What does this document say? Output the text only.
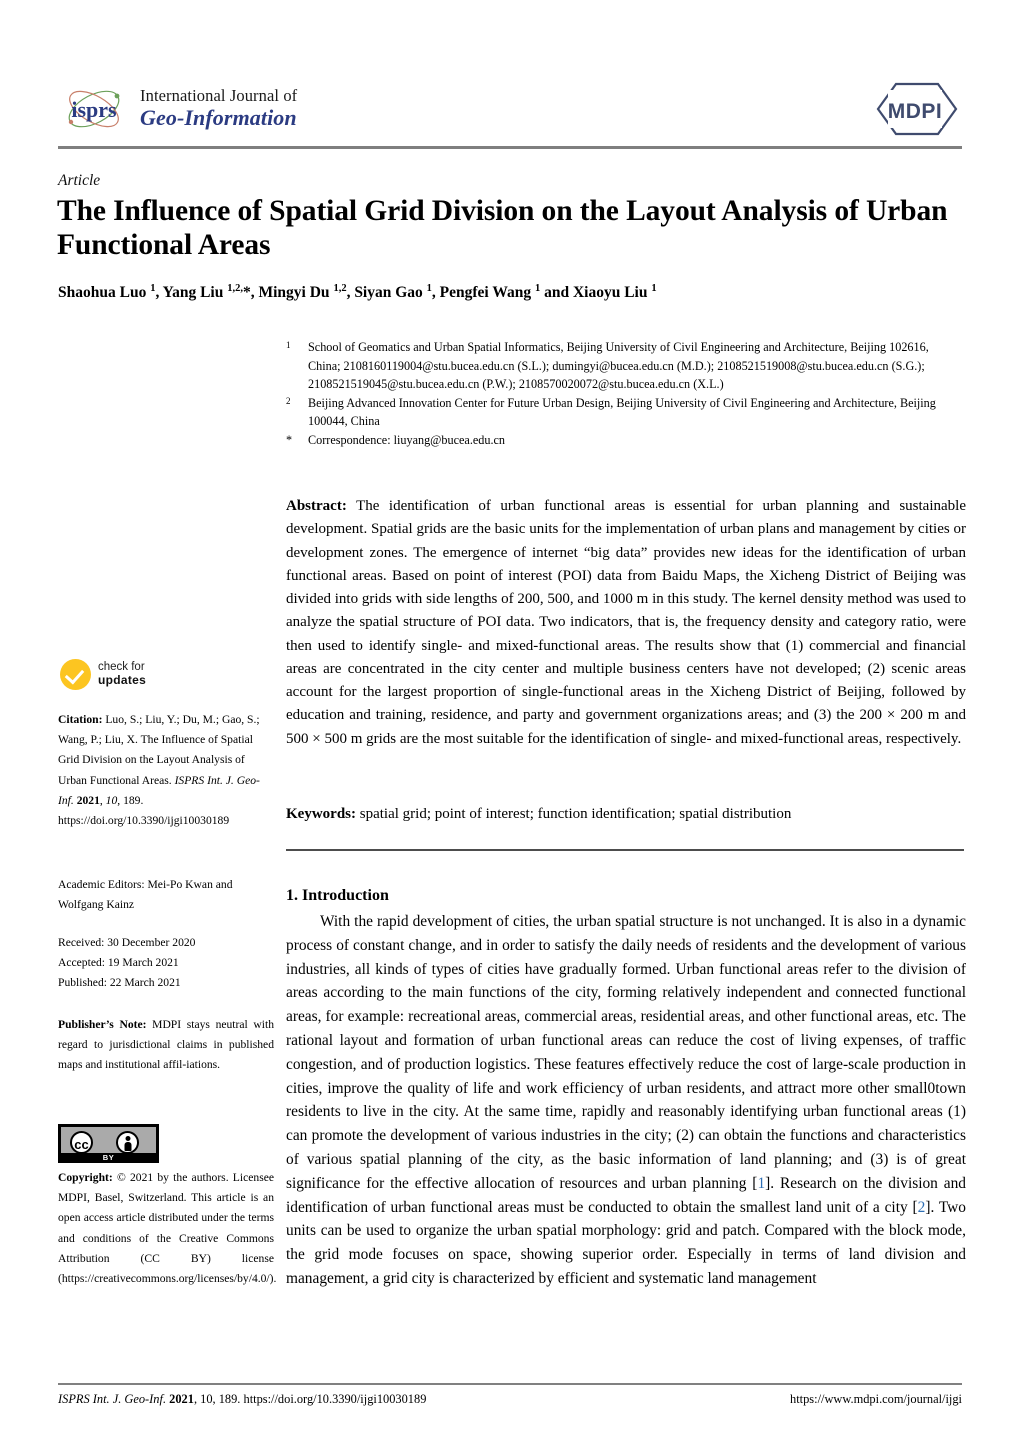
isprs
International Journal of
Geo-Information	MDPI
Article
The Influence of Spatial Grid Division on the Layout Analysis of Urban Functional Areas
Shaohua Luo $^1$, Yang Liu $^{1,2,}$*, Mingyi Du $^{1,2}$, Siyan Gao $^1$, Pengfei Wang $^1$ and Xiaoyu Liu $^1$
1	School of Geomatics and Urban Spatial Informatics, Beijing University of Civil Engineering and Architecture, Beijing 102616, China; 2108160119004@stu.bucea.edu.cn (S.L.); dumingyi@bucea.edu.cn (M.D.); 2108521519008@stu.bucea.edu.cn (S.G.); 2108521519045@stu.bucea.edu.cn (P.W.); 2108570020072@stu.bucea.edu.cn (X.L.)
2	Beijing Advanced Innovation Center for Future Urban Design, Beijing University of Civil Engineering and Architecture, Beijing 100044, China
*	Correspondence: liuyang@bucea.edu.cn
Abstract: The identification of urban functional areas is essential for urban planning and sustainable development. Spatial grids are the basic units for the implementation of urban plans and management by cities or development zones. The emergence of internet “big data” provides new ideas for the identification of urban functional areas. Based on point of interest (POI) data from Baidu Maps, the Xicheng District of Beijing was divided into grids with side lengths of 200, 500, and 1000 m in this study. The kernel density method was used to analyze the spatial structure of POI data. Two indicators, that is, the frequency density and category ratio, were then used to identify single- and mixed-functional areas. The results show that (1) commercial and financial areas are concentrated in the city center and multiple business centers have not developed; (2) scenic areas account for the largest proportion of single-functional areas in the Xicheng District of Beijing, followed by education and training, residence, and party and government organizations areas; and (3) the 200 × 200 m and 500 × 500 m grids are the most suitable for the identification of single- and mixed-functional areas, respectively.
Keywords: spatial grid; point of interest; function identification; spatial distribution
check for
updates
Citation: Luo, S.; Liu, Y.; Du, M.; Gao, S.; Wang, P.; Liu, X. The Influence of Spatial Grid Division on the Layout Analysis of Urban Functional Areas. ISPRS Int. J. Geo-Inf. 2021, 10, 189. https://doi.org/10.3390/ijgi10030189
Academic Editors: Mei-Po Kwan and Wolfgang Kainz
Received: 30 December 2020
Accepted: 19 March 2021
Published: 22 March 2021
Publisher’s Note: MDPI stays neutral with regard to jurisdictional claims in published maps and institutional affil-iations.
cc
BY
Copyright: © 2021 by the authors. Licensee MDPI, Basel, Switzerland. This article is an open access article distributed under the terms and conditions of the Creative Commons Attribution (CC BY) license (https://creativecommons.org/licenses/by/4.0/).
1. Introduction
With the rapid development of cities, the urban spatial structure is not unchanged. It is also in a dynamic process of constant change, and in order to satisfy the daily needs of residents and the development of various industries, all kinds of types of cities have gradually formed. Urban functional areas refer to the division of areas according to the main functions of the city, forming relatively independent and connected functional areas, for example: recreational areas, commercial areas, residential areas, and other functional areas, etc. The rational layout and formation of urban functional areas can reduce the cost of living expenses, of traffic congestion, and of production logistics. These features effectively reduce the cost of large-scale production in cities, improve the quality of life and work efficiency of urban residents, and attract more other small0town residents to live in the city. At the same time, rapidly and reasonably identifying urban functional areas (1) can promote the development of various industries in the city; (2) can obtain the functions and characteristics of various spatial planning of the city, as the basic information of land planning; and (3) is of great significance for the effective allocation of resources and urban planning [1]. Research on the division and identification of urban functional areas must be conducted to obtain the smallest land unit of a city [2]. Two units can be used to organize the urban spatial morphology: grid and patch. Compared with the block mode, the grid mode focuses on space, showing superior order. Especially in terms of land division and management, a grid city is characterized by efficient and systematic land management
ISPRS Int. J. Geo-Inf. 2021, 10, 189. https://doi.org/10.3390/ijgi10030189	https://www.mdpi.com/journal/ijgi
